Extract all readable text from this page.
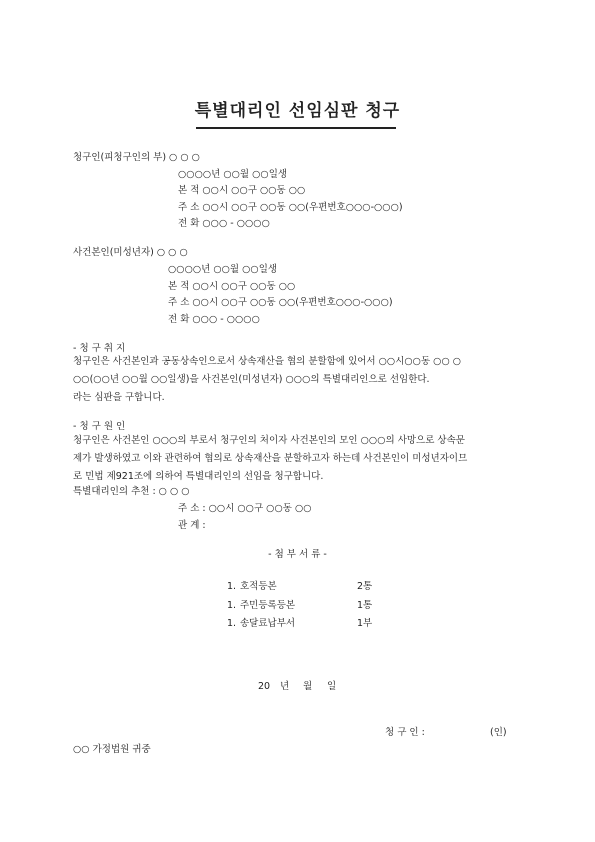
특별대리인 선임심판 청구
청구인(피청구인의 부) ○ ○ ○
○○○○년 ○○월 ○○일생
본 적 ○○시 ○○구 ○○동 ○○
주 소 ○○시 ○○구 ○○동 ○○(우편번호○○○-○○○)
전 화 ○○○ - ○○○○
사건본인(미성년자) ○ ○ ○
○○○○년 ○○월 ○○일생
본 적 ○○시 ○○구 ○○동 ○○
주 소 ○○시 ○○구 ○○동 ○○(우편번호○○○-○○○)
전 화 ○○○ - ○○○○
- 청 구 취 지
청구인은 사건본인과 공동상속인으로서 상속재산을 협의 분할함에 있어서 ○○시○○동 ○○ ○
○○(○○년 ○○월 ○○일생)을 사건본인(미성년자) ○○○의 특별대리인으로 선임한다.
라는 심판을 구합니다.
- 청 구 원 인
청구인은 사건본인 ○○○의 부로서 청구인의 처이자 사건본인의 모인 ○○○의 사망으로 상속문
제가 발생하였고 이와 관련하여 협의로 상속재산을 분할하고자 하는데 사건본인이 미성년자이므
로 민법 제921조에 의하여 특별대리인의 선임을 청구합니다.
특별대리인의 추천 : ○ ○ ○
주 소 : ○○시 ○○구 ○○동 ○○
관 계 :
- 첨 부 서 류 -
1. 호적등본	2통
1. 주민등록등본	1통
1. 송달료납부서	1부
20 년 월 일
청 구 인 :	(인)
○○ 가정법원 귀중
